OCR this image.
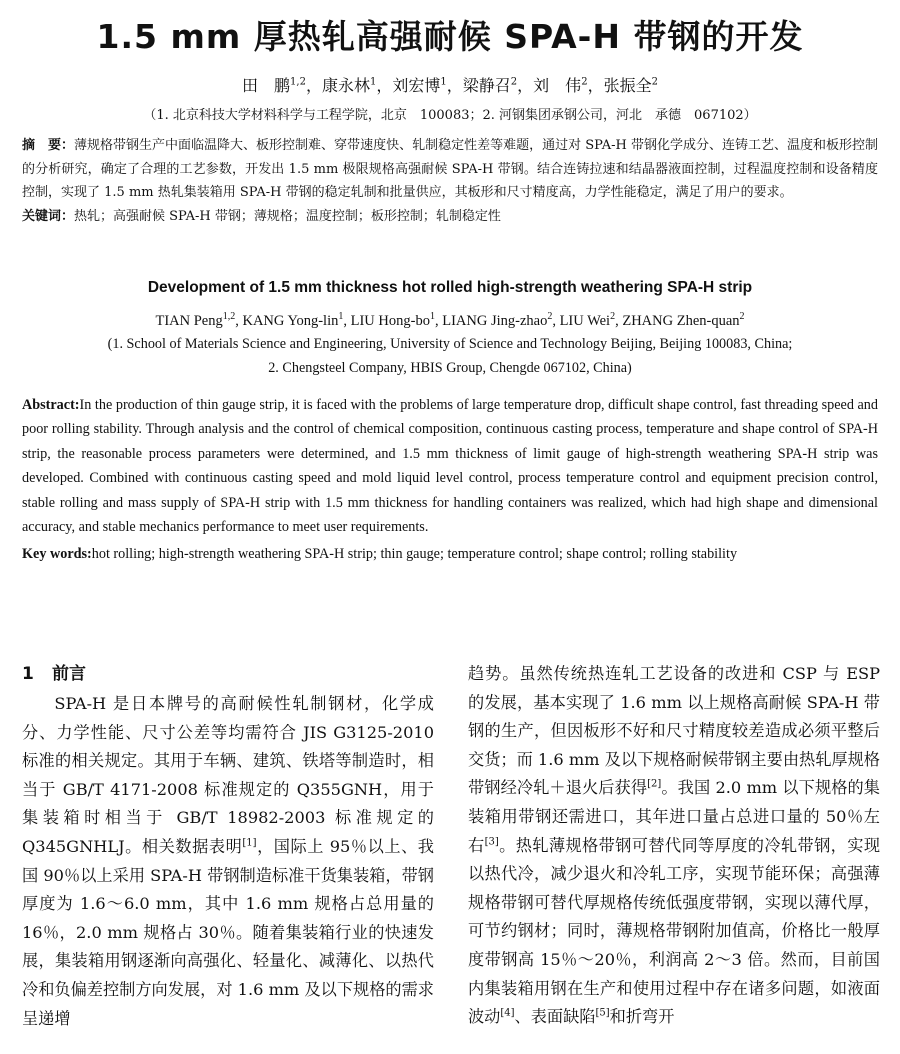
1.5 mm 厚热轧高强耐候 SPA-H 带钢的开发
田　鹏$^{1,2}$，康永林$^1$，刘宏博$^1$，梁静召$^2$，刘　伟$^2$，张振全$^2$
（1. 北京科技大学材料科学与工程学院，北京　100083；2. 河钢集团承钢公司，河北　承德　067102）
摘　要：薄规格带钢生产中面临温降大、板形控制难、穿带速度快、轧制稳定性差等难题，通过对 SPA-H 带钢化学成分、连铸工艺、温度和板形控制的分析研究，确定了合理的工艺参数，开发出 1.5 mm 极限规格高强耐候 SPA-H 带钢。结合连铸拉速和结晶器液面控制，过程温度控制和设备精度控制，实现了 1.5 mm 热轧集装箱用 SPA-H 带钢的稳定轧制和批量供应，其板形和尺寸精度高，力学性能稳定，满足了用户的要求。
关键词：热轧；高强耐候 SPA-H 带钢；薄规格；温度控制；板形控制；轧制稳定性
Development of 1.5 mm thickness hot rolled high-strength weathering SPA-H strip
TIAN Peng$^{1,2}$, KANG Yong-lin$^1$, LIU Hong-$bo^1$, LIANG Jing-zhao$^2$, LIU Wei$^2$, ZHANG Zhen-quan$^2$
(1. School of Materials Science and Engineering, University of Science and Technology Beijing, Beijing 100083, China;
2. Chengsteel Company, HBIS Group, Chengde 067102, China)
Abstract:In the production of thin gauge strip, it is faced with the problems of large temperature drop, difficult shape control, fast threading speed and poor rolling stability. Through analysis and the control of chemical composition, continuous casting process, temperature and shape control of SPA-H strip, the reasonable process parameters were determined, and 1.5 mm thickness of limit gauge of high-strength weathering SPA-H strip was developed. Combined with continuous casting speed and mold liquid level control, process temperature control and equipment precision control, stable rolling and mass supply of SPA-H strip with 1.5 mm thickness for handling containers was realized, which had high shape and dimensional accuracy, and stable mechanics performance to meet user requirements.
Key words:hot rolling; high-strength weathering SPA-H strip; thin gauge; temperature control; shape control; rolling stability
1 前言
SPA-H 是日本牌号的高耐候性轧制钢材，化学成分、力学性能、尺寸公差等均需符合 JIS G3125-2010 标准的相关规定。其用于车辆、建筑、铁塔等制造时，相当于 GB/T 4171-2008 标准规定的 Q355GNH，用于集装箱时相当于 GB/T 18982-2003 标准规定的 Q345GNHLJ。相关数据表明[1]，国际上 95％以上、我国 90％以上采用 SPA-H 带钢制造标准干货集装箱，带钢厚度为 1.6～6.0 mm，其中 1.6 mm 规格占总用量的 16％，2.0 mm 规格占 30％。随着集装箱行业的快速发展，集装箱用钢逐渐向高强化、轻量化、减薄化、以热代冷和负偏差控制方向发展，对 1.6 mm 及以下规格的需求呈递增
趋势。虽然传统热连轧工艺设备的改进和 CSP 与 ESP 的发展，基本实现了 1.6 mm 以上规格高耐候 SPA-H 带钢的生产，但因板形不好和尺寸精度较差造成必须平整后交货；而 1.6 mm 及以下规格耐候带钢主要由热轧厚规格带钢经冷轧＋退火后获得[2]。我国 2.0 mm 以下规格的集装箱用带钢还需进口，其年进口量占总进口量的 50％左右[3]。热轧薄规格带钢可替代同等厚度的冷轧带钢，实现以热代冷，减少退火和冷轧工序，实现节能环保；高强薄规格带钢可替代厚规格传统低强度带钢，实现以薄代厚，可节约钢材；同时，薄规格带钢附加值高，价格比一般厚度带钢高 15％～20％，利润高 2～3 倍。然而，目前国内集装箱用钢在生产和使用过程中存在诸多问题，如液面波动[4]、表面缺陷[5]和折弯开
